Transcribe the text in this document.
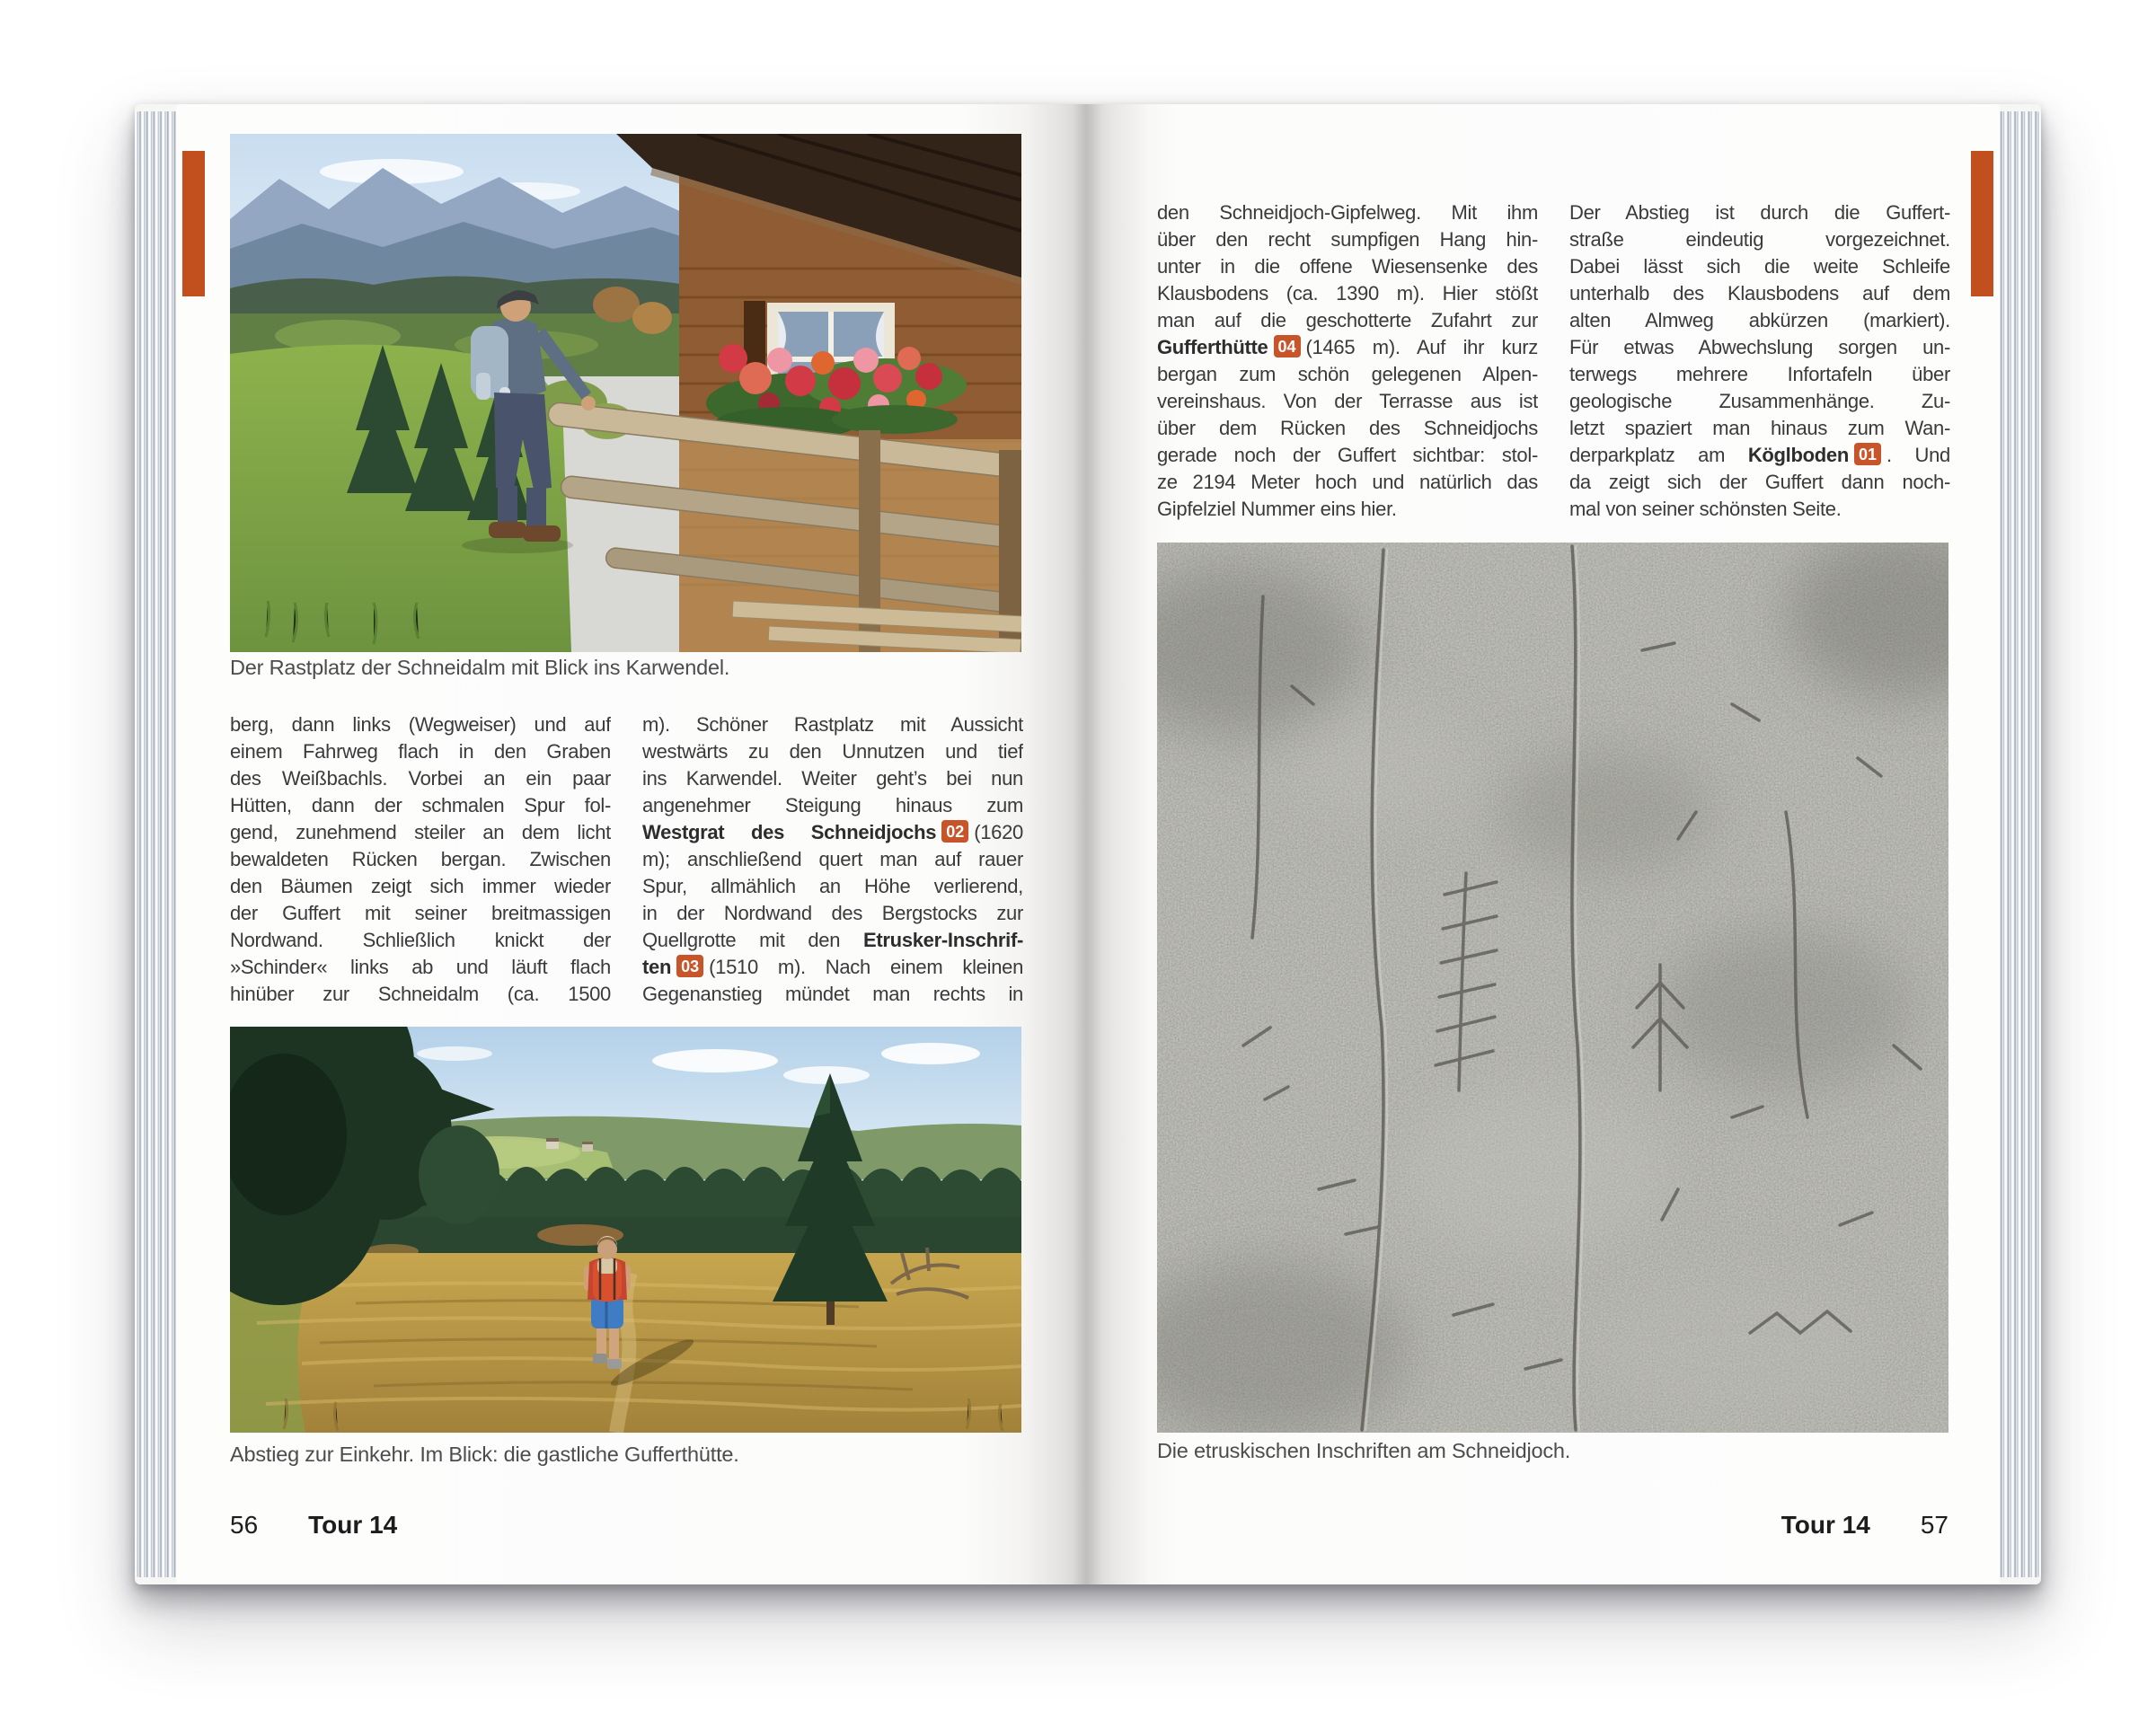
Der Rastplatz der Schneidalm mit Blick ins Karwendel.
berg, dann links (Wegweiser) und auf
einem Fahrweg flach in den Graben
des Weißbachls. Vorbei an ein paar
Hütten, dann der schmalen Spur fol-
gend, zunehmend steiler an dem licht
bewaldeten Rücken bergan. Zwischen
den Bäumen zeigt sich immer wieder
der Guffert mit seiner breitmassigen
Nordwand. Schließlich knickt der
»Schinder« links ab und läuft flach
hinüber zur Schneidalm (ca. 1500
m). Schöner Rastplatz mit Aussicht
westwärts zu den Unnutzen und tief
ins Karwendel. Weiter geht’s bei nun
angenehmer Steigung hinaus zum
Westgrat des Schneidjochs 02 (1620
m); anschließend quert man auf rauer
Spur, allmählich an Höhe verlierend,
in der Nordwand des Bergstocks zur
Quellgrotte mit den Etrusker-Inschrif-
ten 03 (1510 m). Nach einem kleinen
Gegenanstieg mündet man rechts in
Abstieg zur Einkehr. Im Blick: die gastliche Gufferthütte.
56 Tour 14
den Schneidjoch-Gipfelweg. Mit ihm
über den recht sumpfigen Hang hin-
unter in die offene Wiesensenke des
Klausbodens (ca. 1390 m). Hier stößt
man auf die geschotterte Zufahrt zur
Gufferthütte 04 (1465 m). Auf ihr kurz
bergan zum schön gelegenen Alpen-
vereinshaus. Von der Terrasse aus ist
über dem Rücken des Schneidjochs
gerade noch der Guffert sichtbar: stol-
ze 2194 Meter hoch und natürlich das
Gipfelziel Nummer eins hier.
Der Abstieg ist durch die Guffert-
straße eindeutig vorgezeichnet.
Dabei lässt sich die weite Schleife
unterhalb des Klausbodens auf dem
alten Almweg abkürzen (markiert).
Für etwas Abwechslung sorgen un-
terwegs mehrere Infortafeln über
geologische Zusammenhänge. Zu-
letzt spaziert man hinaus zum Wan-
derparkplatz am Köglboden 01 . Und
da zeigt sich der Guffert dann noch-
mal von seiner schönsten Seite.
Die etruskischen Inschriften am Schneidjoch.
Tour 14 57
